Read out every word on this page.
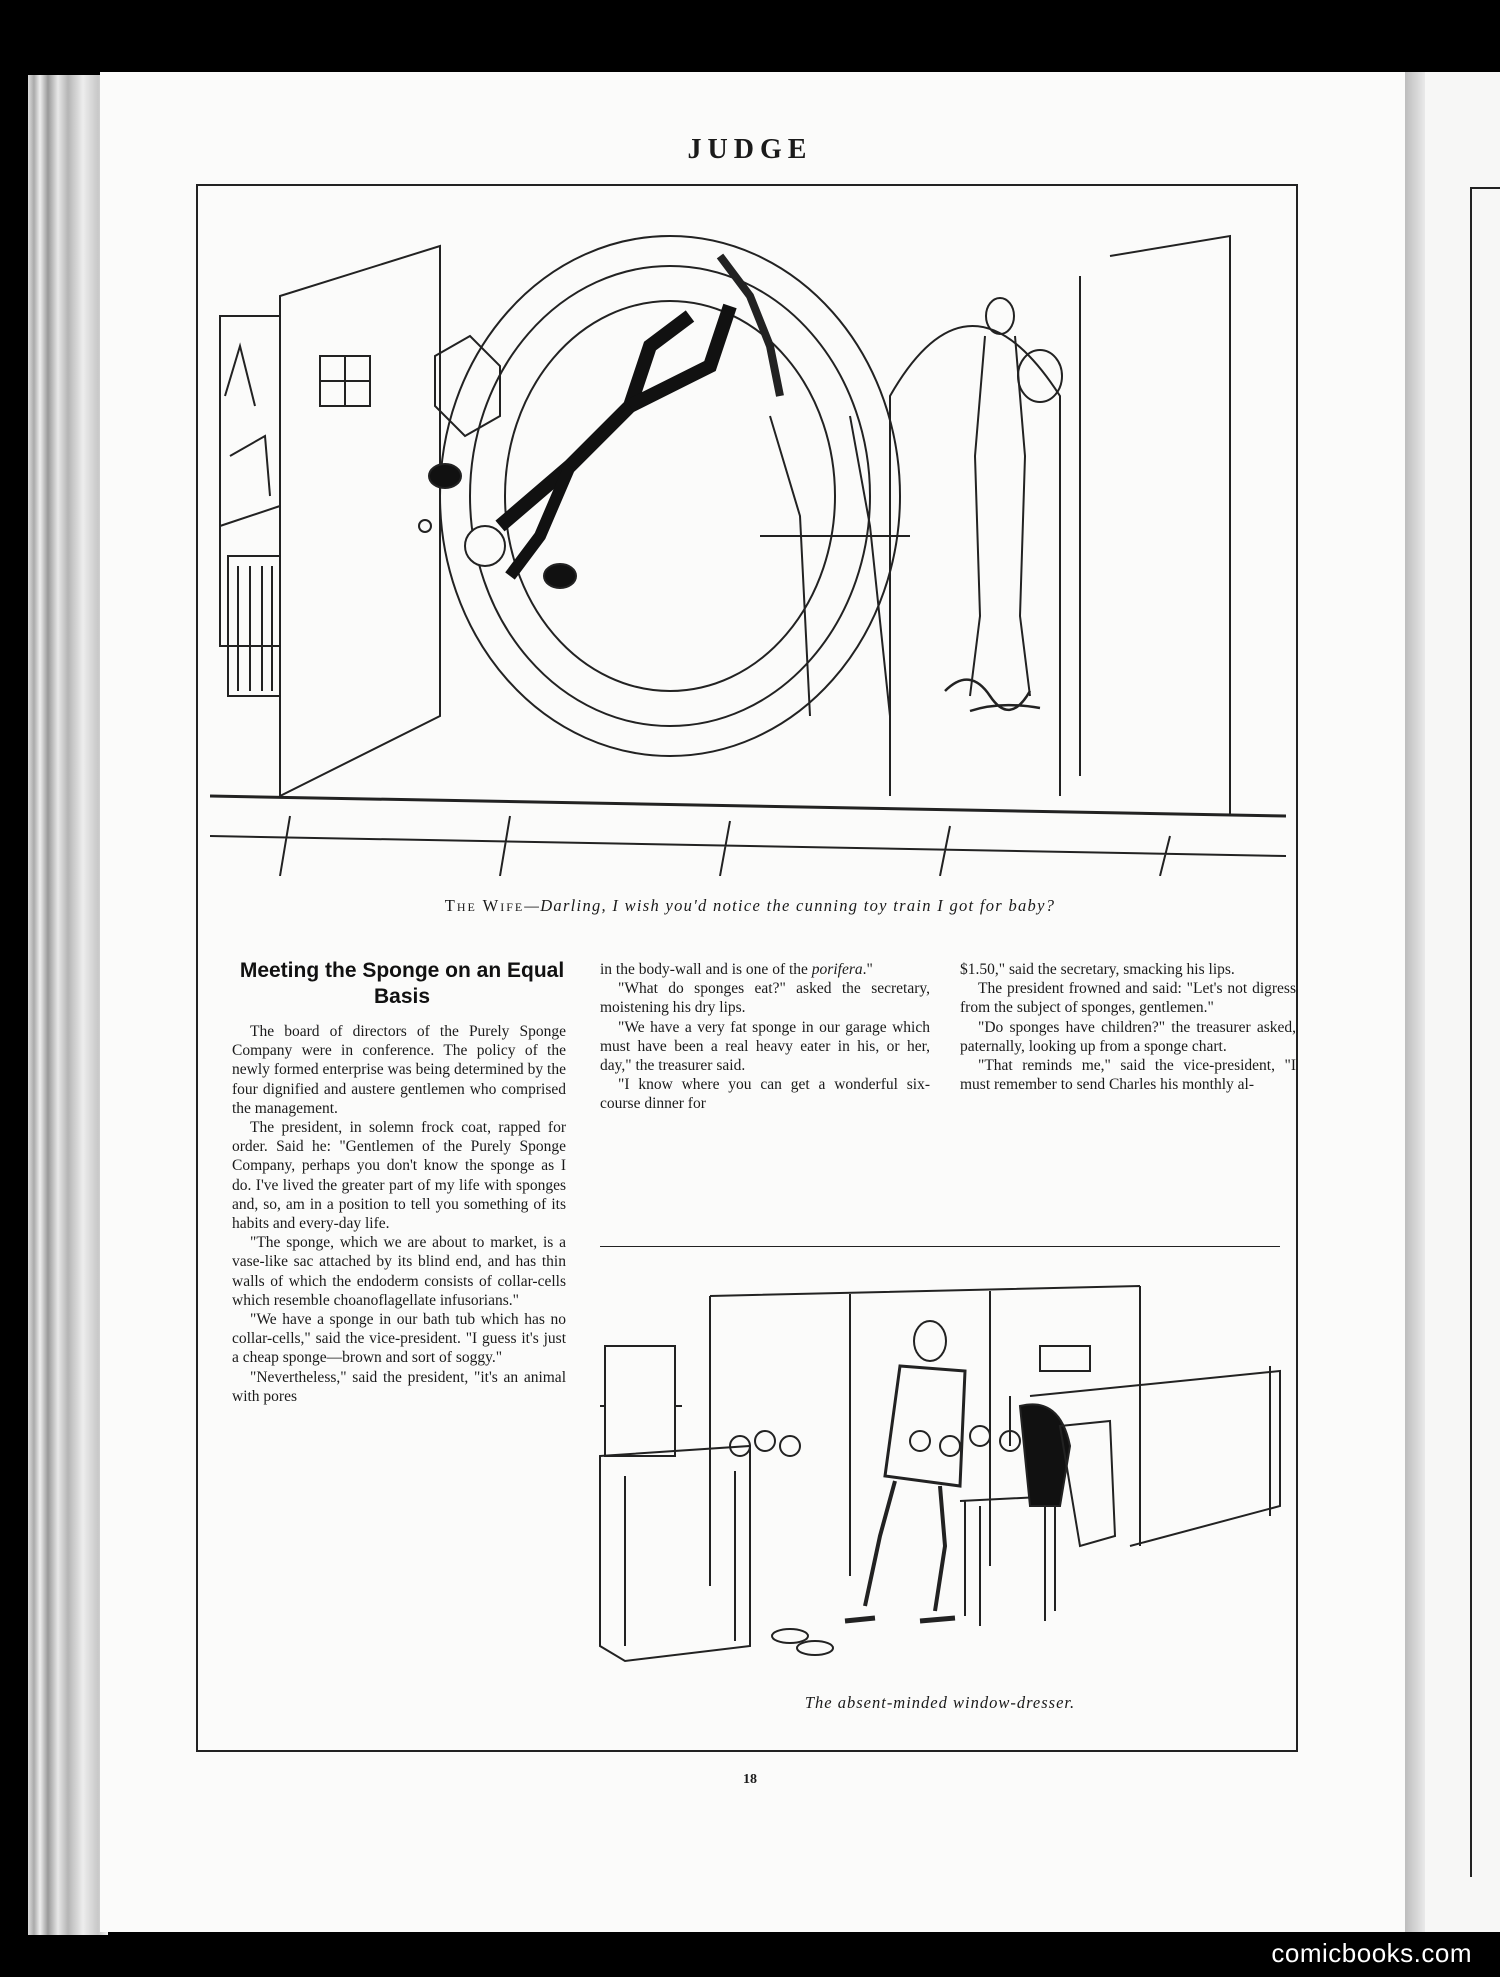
JUDGE
The Wife—Darling, I wish you'd notice the cunning toy train I got for baby?
Meeting the Sponge on an Equal Basis

The board of directors of the Purely Sponge Company were in conference. The policy of the newly formed enterprise was being determined by the four dignified and austere gentlemen who comprised the management.

The president, in solemn frock coat, rapped for order. Said he: "Gentlemen of the Purely Sponge Company, perhaps you don't know the sponge as I do. I've lived the greater part of my life with sponges and, so, am in a position to tell you something of its habits and every-day life.

"The sponge, which we are about to market, is a vase-like sac attached by its blind end, and has thin walls of which the endoderm consists of collar-cells which resemble choanoflagellate infusorians."

"We have a sponge in our bath tub which has no collar-cells," said the vice-president. "I guess it's just a cheap sponge—brown and sort of soggy."

"Nevertheless," said the president, "it's an animal with pores

in the body-wall and is one of the porifera."

"What do sponges eat?" asked the secretary, moistening his dry lips.

"We have a very fat sponge in our garage which must have been a real heavy eater in his, or her, day," the treasurer said.

"I know where you can get a wonderful six-course dinner for

$1.50," said the secretary, smacking his lips.

The president frowned and said: "Let's not digress from the subject of sponges, gentlemen."

"Do sponges have children?" the treasurer asked, paternally, looking up from a sponge chart.

"That reminds me," said the vice-president, "I must remember to send Charles his monthly al-

The absent-minded window-dresser.
18
comicbooks.com
